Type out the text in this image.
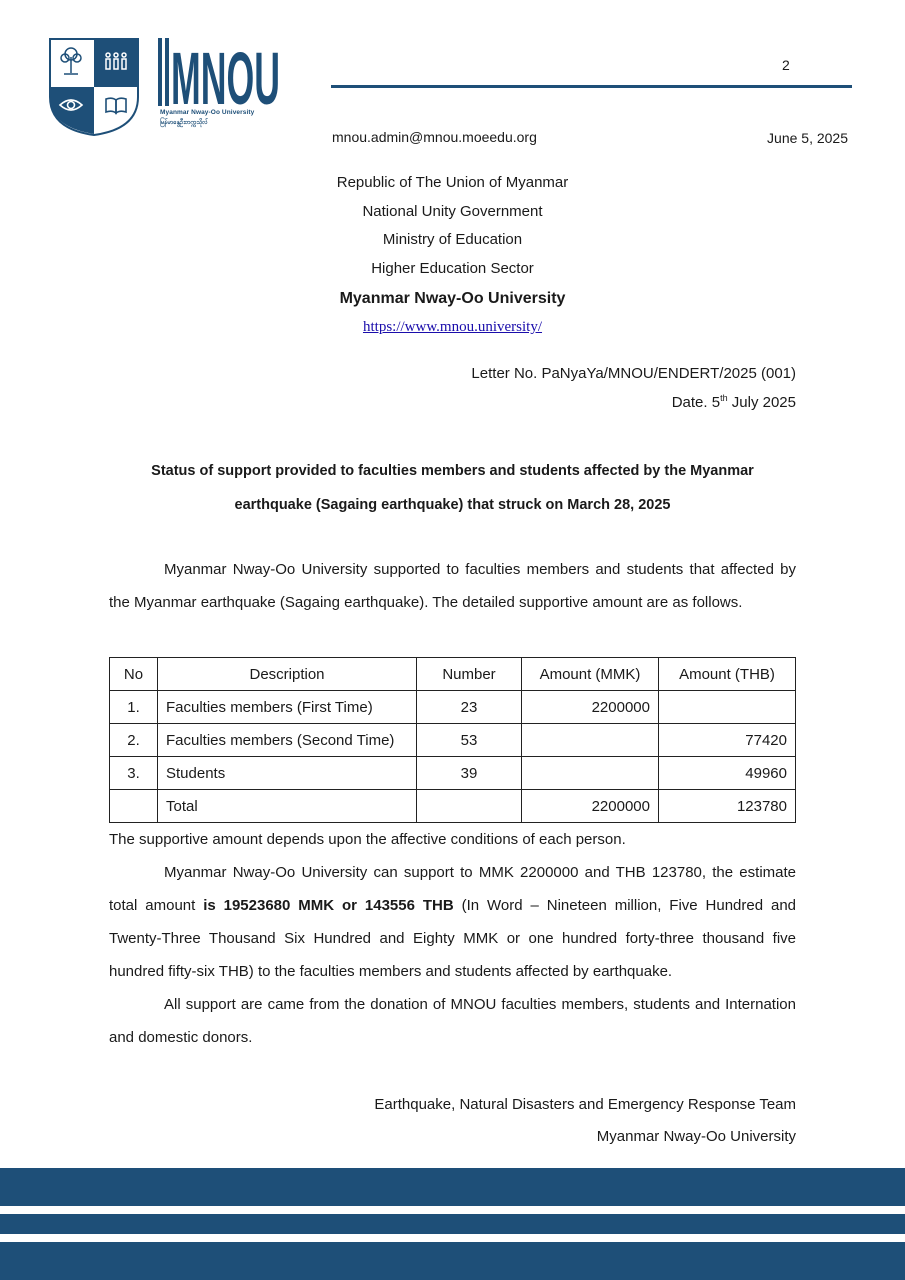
MNOU
Myanmar Nway-Oo University
မြန်မာနွေဦးတက္ကသိုလ်
2
mnou.admin@mnou.moeedu.org	June 5, 2025
Republic of The Union of Myanmar
National Unity Government
Ministry of Education
Higher Education Sector
Myanmar Nway-Oo University
https://www.mnou.university/
Letter No. PaNyaYa/MNOU/ENDERT/2025 (001)
Date. 5th July 2025
Status of support provided to faculties members and students affected by the Myanmar
earthquake (Sagaing earthquake) that struck on March 28, 2025
Myanmar Nway-Oo University supported to faculties members and students that affected by the Myanmar earthquake (Sagaing earthquake). The detailed supportive amount are as follows.
No	Description	Number	Amount (MMK)	Amount (THB)
1.	Faculties members (First Time)	23	2200000	
2.	Faculties members (Second Time)	53		77420
3.	Students	39		49960
	Total		2200000	123780
The supportive amount depends upon the affective conditions of each person.
Myanmar Nway-Oo University can support to MMK 2200000 and THB 123780, the estimate total amount is 19523680 MMK or 143556 THB (In Word – Nineteen million, Five Hundred and Twenty-Three Thousand Six Hundred and Eighty MMK or one hundred forty-three thousand five hundred fifty-six THB) to the faculties members and students affected by earthquake.
All support are came from the donation of MNOU faculties members, students and Internation and domestic donors.
Earthquake, Natural Disasters and Emergency Response Team
Myanmar Nway-Oo University
